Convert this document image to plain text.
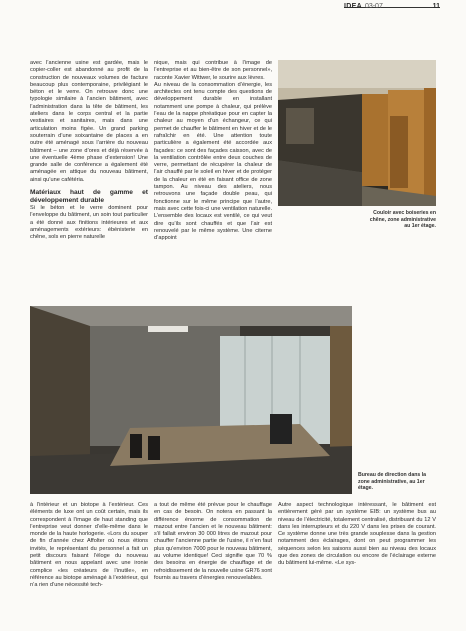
IDEA 03-07	11

avec l’ancienne usine est gardée, mais le copier-coller est abandonné au profit de la construction de nouveaux volumes de facture beaucoup plus contemporaine, privilégiant le béton et le verre. On retrouve donc une typologie similaire à l’ancien bâtiment, avec l’administration dans la tête de bâtiment, les ateliers dans le corps central et la partie vestiaires et sanitaires, mais dans une articulation moins figée. Un grand parking souterrain d’une soixantaine de places a en outre été aménagé sous l’arrière du nouveau bâtiment – une zone d’ores et déjà réservée à une éventuelle 4ème phase d’extension! Une grande salle de conférence a également été aménagée en attique du nouveau bâtiment, ainsi qu’une cafétéria.

Matériaux haut de gamme et développement durable

Si le béton et le verre dominent pour l’enveloppe du bâtiment, un soin tout particulier a été donné aux finitions intérieures et aux aménagements extérieurs: ébénisterie en chêne, sols en pierre naturelle

nique, mais qui contribue à l’image de l’entreprise et au bien-être de son personnel», raconte Xavier Wittwer, le sourire aux lèvres.

Au niveau de la consommation d’énergie, les architectes ont tenu compte des questions de développement durable en installant notamment une pompe à chaleur, qui prélève l’eau de la nappe phréatique pour en capter la chaleur au moyen d’un échangeur, ce qui permet de chauffer le bâtiment en hiver et de le rafraîchir en été. Une attention toute particulière a également été accordée aux façades: ce sont des façades caisson, avec de la ventilation contrôlée entre deux couches de verre, permettant de récupérer la chaleur de l’air chauffé par le soleil en hiver et de protéger de la chaleur en été en faisant office de zone tampon. Au niveau des ateliers, nous retrouvons une façade double peau, qui fonctionne sur le même principe que l’autre, mais avec cette fois-ci une ventilation naturelle. L’ensemble des locaux est ventilé, ce qui veut dire qu’ils sont chauffés et que l’air est renouvelé par le même système. Une citerne d’appoint

Couloir avec boiseries en chêne, zone administrative au 1er étage.
Bureau de direction dans la zone administrative, au 1er étage.

à l’intérieur et un biotope à l’extérieur. Ces éléments de luxe ont un coût certain, mais ils correspondent à l’image de haut standing que l’entreprise veut donner d’elle-même dans le monde de la haute horlogerie. «Lors du souper de fin d’année chez Affolter où nous étions invités, le représentant du personnel a fait un petit discours faisant l’éloge du nouveau bâtiment en nous appelant avec une ironie complice «les créateurs de l’inutile», en référence au biotope aménagé à l’extérieur, qui n’a rien d’une nécessité tech-

a tout de même été prévue pour le chauffage en cas de besoin. On notera en passant la différence énorme de consommation de mazout entre l’ancien et le nouveau bâtiment: s’il fallait environ 30 000 litres de mazout pour chauffer l’ancienne partie de l’usine, il n’en faut plus qu’environ 7000 pour le nouveau bâtiment, au volume identique! Ceci signifie que 70 % des besoins en énergie de chauffage et de refroidissement de la nouvelle usine GR76 sont fournis au travers d’énergies renouvelables.

Autre aspect technologique intéressant, le bâtiment est entièrement géré par un système EIB: un système bus au niveau de l’électricité, totalement centralisé, distribuant du 12 V dans les interrupteurs et du 220 V dans les prises de courant. Ce système donne une très grande souplesse dans la gestion notamment des éclairages, dont on peut programmer les séquences selon les saisons aussi bien au niveau des locaux que des zones de circulation ou encore de l’éclairage externe du bâtiment lui-même. «Le sys-
